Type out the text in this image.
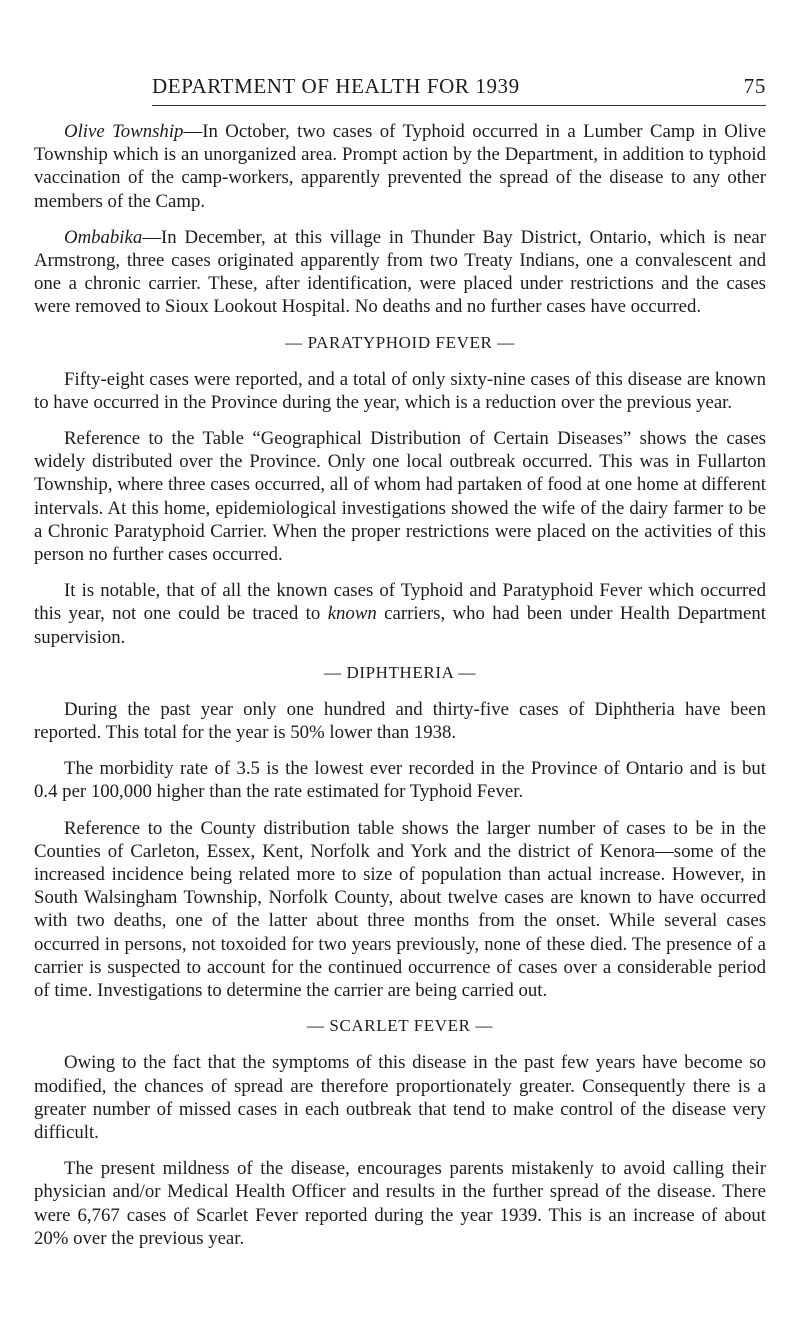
DEPARTMENT OF HEALTH FOR 1939	75

Olive Township—In October, two cases of Typhoid occurred in a Lumber Camp in Olive Township which is an unorganized area. Prompt action by the Department, in addition to typhoid vaccination of the camp-workers, apparently prevented the spread of the disease to any other members of the Camp.

Ombabika—In December, at this village in Thunder Bay District, Ontario, which is near Armstrong, three cases originated apparently from two Treaty Indians, one a convalescent and one a chronic carrier. These, after identification, were placed under restrictions and the cases were removed to Sioux Lookout Hospital. No deaths and no further cases have occurred.

— PARATYPHOID FEVER —

Fifty-eight cases were reported, and a total of only sixty-nine cases of this disease are known to have occurred in the Province during the year, which is a reduction over the previous year.

Reference to the Table “Geographical Distribution of Certain Diseases” shows the cases widely distributed over the Province. Only one local outbreak occurred. This was in Fullarton Township, where three cases occurred, all of whom had partaken of food at one home at different intervals. At this home, epidemiological investigations showed the wife of the dairy farmer to be a Chronic Paratyphoid Carrier. When the proper restrictions were placed on the activities of this person no further cases occurred.

It is notable, that of all the known cases of Typhoid and Paratyphoid Fever which occurred this year, not one could be traced to known carriers, who had been under Health Department supervision.

— DIPHTHERIA —

During the past year only one hundred and thirty-five cases of Diphtheria have been reported. This total for the year is 50% lower than 1938.

The morbidity rate of 3.5 is the lowest ever recorded in the Province of Ontario and is but 0.4 per 100,000 higher than the rate estimated for Typhoid Fever.

Reference to the County distribution table shows the larger number of cases to be in the Counties of Carleton, Essex, Kent, Norfolk and York and the district of Kenora—some of the increased incidence being related more to size of population than actual increase. However, in South Walsingham Township, Norfolk County, about twelve cases are known to have occurred with two deaths, one of the latter about three months from the onset. While several cases occurred in persons, not toxoided for two years previously, none of these died. The presence of a carrier is suspected to account for the continued occurrence of cases over a considerable period of time. Investigations to determine the carrier are being carried out.

— SCARLET FEVER —

Owing to the fact that the symptoms of this disease in the past few years have become so modified, the chances of spread are therefore proportionately greater. Consequently there is a greater number of missed cases in each outbreak that tend to make control of the disease very difficult.

The present mildness of the disease, encourages parents mistakenly to avoid calling their physician and/or Medical Health Officer and results in the further spread of the disease. There were 6,767 cases of Scarlet Fever reported during the year 1939. This is an increase of about 20% over the previous year.
